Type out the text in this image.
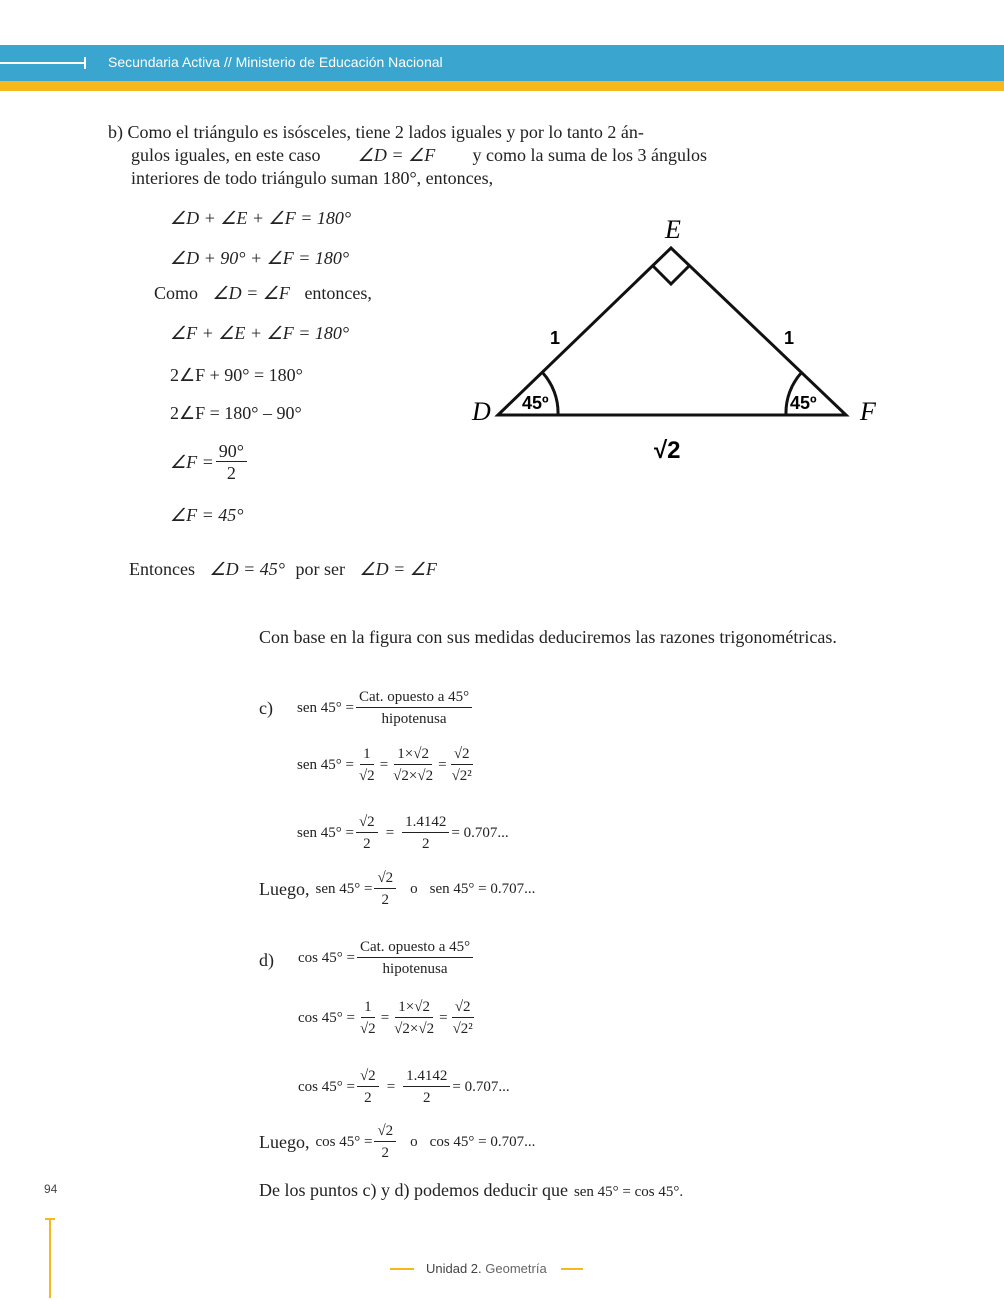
Secundaria Activa // Ministerio de Educación Nacional
b) Como el triángulo es isósceles, tiene 2 lados iguales y por lo tanto 2 án-
gulos iguales, en este caso ∠D = ∠F y como la suma de los 3 ángulos
interiores de todo triángulo suman 180°, entonces,
∠D + ∠E + ∠F = 180°
∠D + 90° + ∠F = 180°
Como ∠D = ∠F entonces,
∠F + ∠E + ∠F = 180°
2∠F + 90° = 180°
2∠F = 180° – 90°
∠F = $\frac{90^\circ}{2}$
∠F = 45°
Entonces ∠D = 45° por ser ∠D = ∠F
E
D	F
1	1
45º	45º
√2
Con base en la figura con sus medidas deduciremos las razones trigonométricas.
c) sen $45^\circ = \frac{\text{Cat. opuesto a 45°}}{\text{hipotenusa}}$
sen $45^\circ = \frac{1}{√2} = \frac{1\times√2}{√2\times√2} = \frac{√2}{\text{√2²}}$
sen $45^\circ = \frac{√2}{2} = \frac{1.4142}{2} = 0.707$...
Luego, sen $45^\circ = \frac{√2}{2}$ o sen 45° = 0.707...
d) $\cos 45^\circ = \frac{\text{Cat. opuesto a 45°}}{\text{hipotenusa}}$
$\cos 45^\circ = \frac{1}{√2} = \frac{1\times√2}{√2\times√2} = \frac{√2}{\text{√2²}}$
$\cos 45^\circ = \frac{√2}{2} = \frac{1.4142}{2} = 0.707$...
Luego, $\cos 45^\circ = \frac{√2}{2}$ o cos 45° = 0.707...
De los puntos c) y d) podemos deducir que sen 45° = cos 45°.
94
Unidad 2. Geometría
